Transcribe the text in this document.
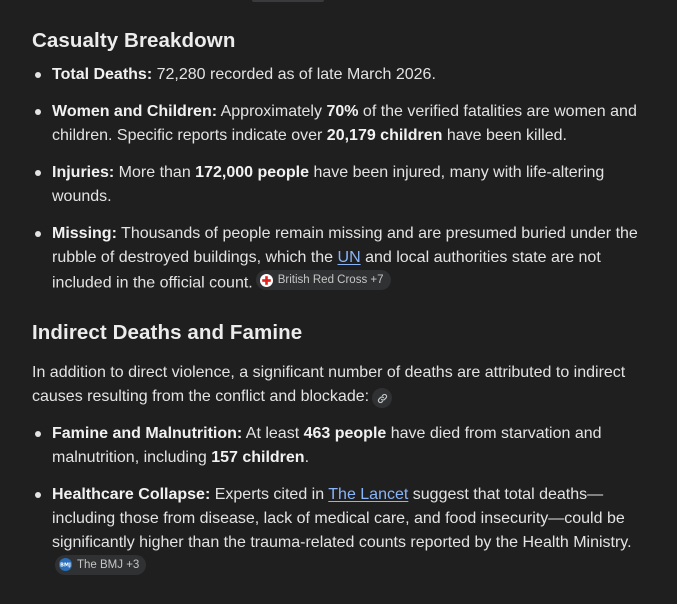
Casualty Breakdown
Total Deaths: 72,280 recorded as of late March 2026.
Women and Children: Approximately 70% of the verified fatalities are women and children. Specific reports indicate over 20,179 children have been killed.
Injuries: More than 172,000 people have been injured, many with life-altering wounds.
Missing: Thousands of people remain missing and are presumed buried under the rubble of destroyed buildings, which the UN and local authorities state are not included in the official count. British Red Cross +7
Indirect Deaths and Famine

In addition to direct violence, a significant number of deaths are attributed to indirect causes resulting from the conflict and blockade:

Famine and Malnutrition: At least 463 people have died from starvation and malnutrition, including 157 children.
Healthcare Collapse: Experts cited in The Lancet suggest that total deaths—including those from disease, lack of medical care, and food insecurity—could be significantly higher than the trauma-related counts reported by the Health Ministry.
BMJ The BMJ +3
